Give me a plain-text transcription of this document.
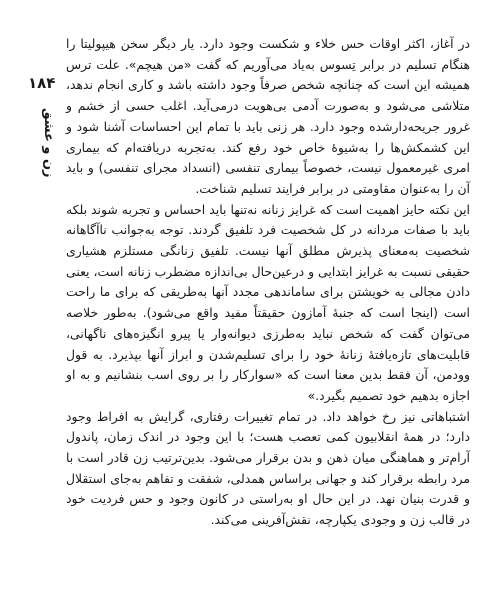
۱۸۴
زن و عشق

در آغاز، اکثر اوقات حس خلاء و شکست وجود دارد. یار دیگر سخن هیپولیتا را هنگام تسلیم در برابر تِسوس به‌یاد می‌آوریم که گفت «من هیچم». علت ترس همیشه این است که چنانچه شخص صرفاً وجود داشته باشد و کاری انجام ندهد، متلاشی می‌شود و به‌صورت آدمی بی‌هویت درمی‌آید. اغلب حسی از خشم و غرور جریحه‌دارشده وجود دارد. هر زنی باید با تمام این احساسات آشنا شود و این کشمکش‌ها را به‌شیوهٔ خاص خود رفع کند. به‌تجربه دریافته‌ام که بیماری امری غیرمعمول نیست، خصوصاً بیماری تنفسی (انسداد مجرای تنفسی) و باید آن را به‌عنوان مقاومتی در برابر فرایند تسلیم شناخت.

این نکته حایز اهمیت است که غرایز زنانه نه‌تنها باید احساس و تجربه شوند بلکه باید با صفات مردانه در کل شخصیت فرد تلفیق گردند. توجه به‌جوانب ناآگاهانه شخصیت به‌معنای پذیرش مطلق آنها نیست. تلفیق زنانگی مستلزم هشیاری حقیقی نسبت به غرایز ابتدایی و درعین‌حال بی‌اندازه مضطرب زنانه است، یعنی دادن مجالی به خویشتن برای ساماندهی مجدد آنها به‌طریقی که برای ما راحت است (اینجا است که جنبهٔ آمازون حقیقتاً مفید واقع می‌شود). به‌طور خلاصه می‌توان گفت که شخص نباید به‌طرزی دیوانه‌وار یا پیرو انگیزه‌های ناگهانی، قابلیت‌های تازه‌یافتهٔ زنانهٔ خود را برای تسلیم‌شدن و ابراز آنها بپذیرد. به قول وودمن، آن فقط بدین معنا است که «سوارکار را بر روی اسب بنشانیم و به او اجازه بدهیم خود تصمیم بگیرد.»

اشتباهاتی نیز رخ خواهد داد. در تمام تغییرات رفتاری، گرایش به افراط وجود دارد؛ در همهٔ انقلابیون کمی تعصب هست؛ با این وجود در اندک زمان، پاندول آرام‌تر و هماهنگی میان ذهن و بدن برقرار می‌شود. بدین‌ترتیب زن قادر است با مرد رابطه برقرار کند و جهانی براساس همدلی، شفقت و تفاهم به‌جای استقلال و قدرت بنیان نهد. در این حال او به‌راستی در کانون وجود و حس فردیت خود در قالب زن و وجودی یکپارچه، نقش‌آفرینی می‌کند.
